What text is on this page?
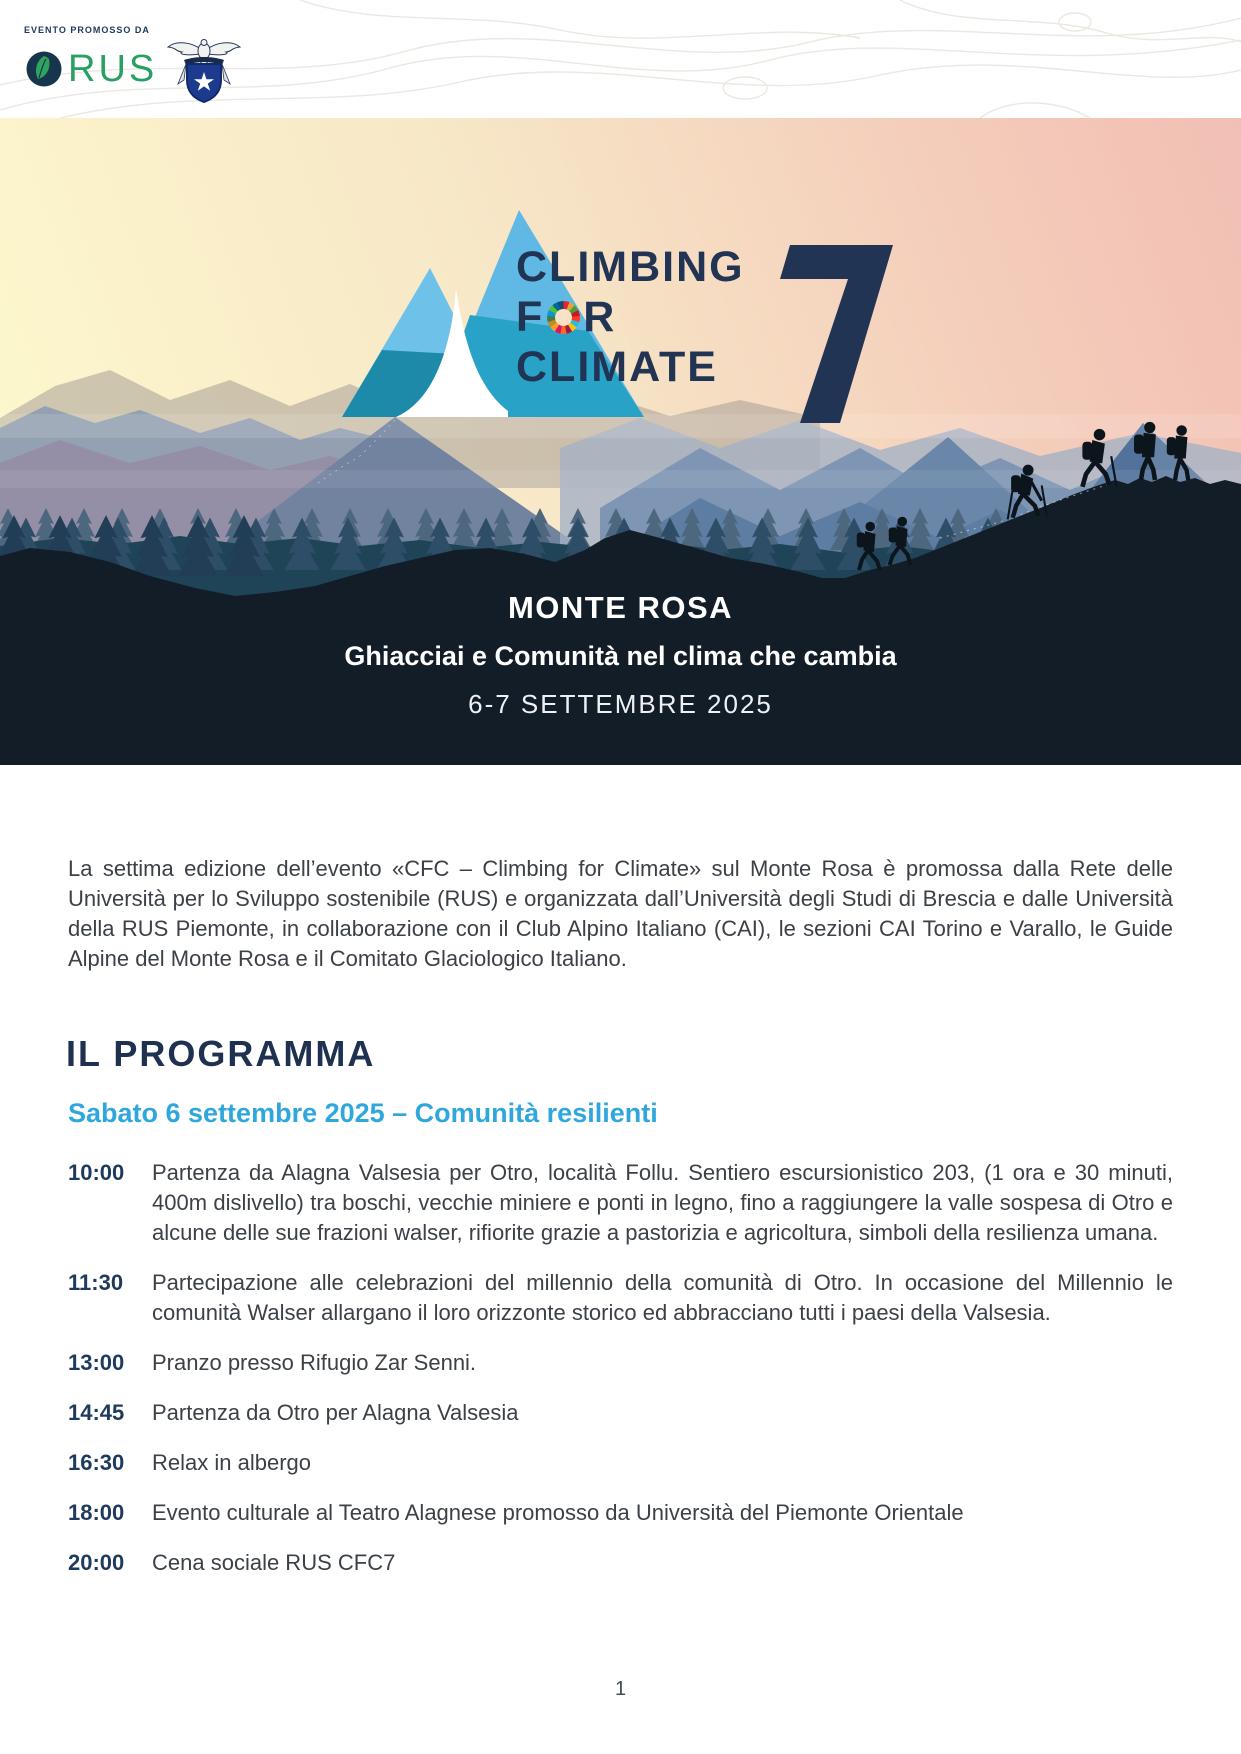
EVENTO PROMOSSO DA
RUS
CLIMBING
F R
CLIMATE
MONTE ROSA
Ghiacciai e Comunità nel clima che cambia
6-7 SETTEMBRE 2025

La settima edizione dell’evento «CFC – Climbing for Climate» sul Monte Rosa è promossa dalla Rete delle Università per lo Sviluppo sostenibile (RUS) e organizzata dall’Università degli Studi di Brescia e dalle Università della RUS Piemonte, in collaborazione con il Club Alpino Italiano (CAI), le sezioni CAI Torino e Varallo, le Guide Alpine del Monte Rosa e il Comitato Glaciologico Italiano.

IL PROGRAMMA
Sabato 6 settembre 2025 – Comunità resilienti
10:00	Partenza da Alagna Valsesia per Otro, località Follu. Sentiero escursionistico 203, (1 ora e 30 minuti, 400m dislivello) tra boschi, vecchie miniere e ponti in legno, fino a raggiungere la valle sospesa di Otro e alcune delle sue frazioni walser, rifiorite grazie a pastorizia e agricoltura, simboli della resilienza umana.
11:30	Partecipazione alle celebrazioni del millennio della comunità di Otro. In occasione del Millennio le comunità Walser allargano il loro orizzonte storico ed abbracciano tutti i paesi della Valsesia.
13:00	Pranzo presso Rifugio Zar Senni.
14:45	Partenza da Otro per Alagna Valsesia
16:30	Relax in albergo
18:00	Evento culturale al Teatro Alagnese promosso da Università del Piemonte Orientale
20:00	Cena sociale RUS CFC7
1
